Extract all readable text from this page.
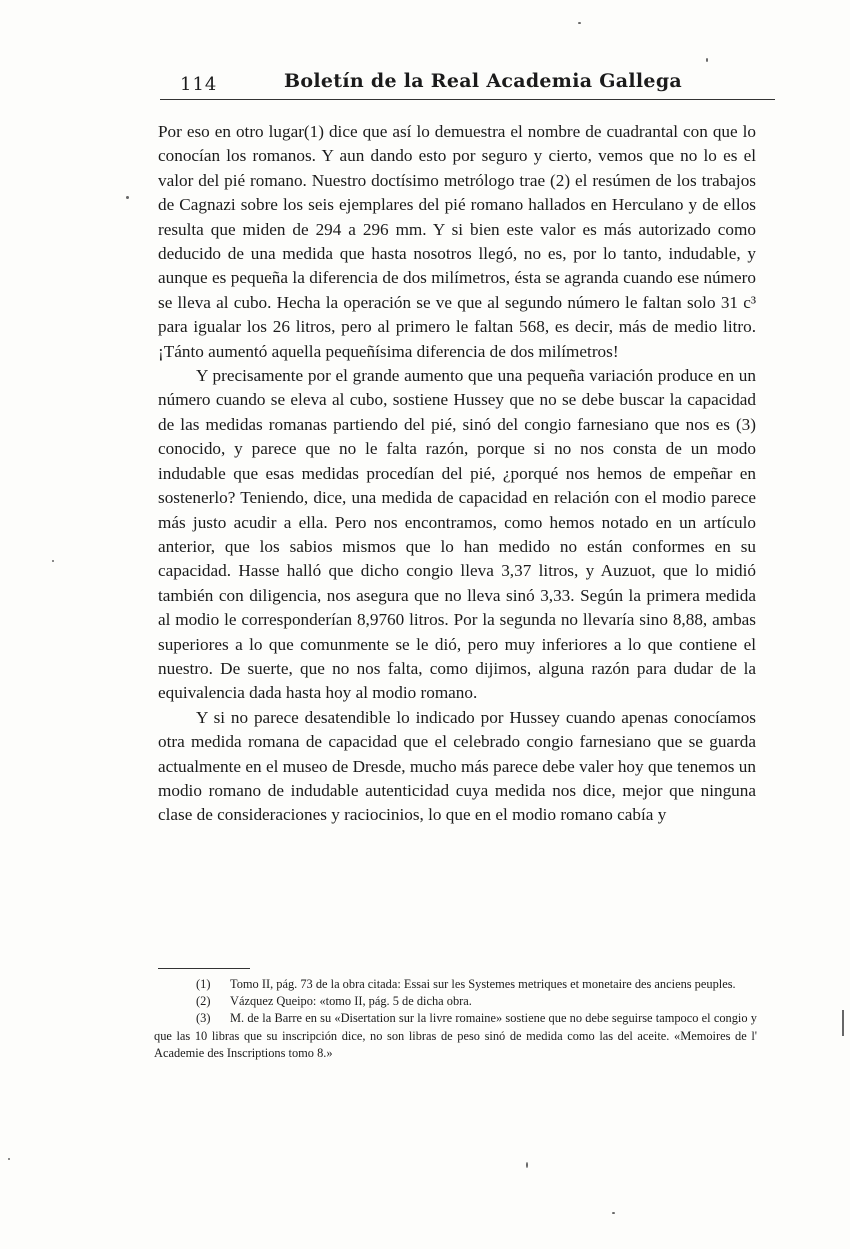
114	Boletín de la Real Academia Gallega

Por eso en otro lugar(1) dice que así lo demuestra el nombre de cuadrantal con que lo conocían los romanos. Y aun dando esto por seguro y cierto, vemos que no lo es el valor del pié romano. Nuestro doctísimo metrólogo trae (2) el resúmen de los trabajos de Cagnazi sobre los seis ejemplares del pié romano hallados en Herculano y de ellos resulta que miden de 294 a 296 mm. Y si bien este valor es más autorizado como deducido de una medida que hasta nosotros llegó, no es, por lo tanto, indudable, y aunque es pequeña la diferencia de dos milímetros, ésta se agranda cuando ese número se lleva al cubo. Hecha la operación se ve que al segundo número le faltan solo 31 c³ para igualar los 26 litros, pero al primero le faltan 568, es decir, más de medio litro. ¡Tánto aumentó aquella pequeñísima diferencia de dos milímetros!

Y precisamente por el grande aumento que una pequeña variación produce en un número cuando se eleva al cubo, sostiene Hussey que no se debe buscar la capacidad de las medidas romanas partiendo del pié, sinó del congio farnesiano que nos es (3) conocido, y parece que no le falta razón, porque si no nos consta de un modo indudable que esas medidas procedían del pié, ¿porqué nos hemos de empeñar en sostenerlo? Teniendo, dice, una medida de capacidad en relación con el modio parece más justo acudir a ella. Pero nos encontramos, como hemos notado en un artículo anterior, que los sabios mismos que lo han medido no están conformes en su capacidad. Hasse halló que dicho congio lleva 3,37 litros, y Auzuot, que lo midió también con diligencia, nos asegura que no lleva sinó 3,33. Según la primera medida al modio le corresponderían 8,9760 litros. Por la segunda no llevaría sino 8,88, ambas superiores a lo que comunmente se le dió, pero muy inferiores a lo que contiene el nuestro. De suerte, que no nos falta, como dijimos, alguna razón para dudar de la equivalencia dada hasta hoy al modio romano.

Y si no parece desatendible lo indicado por Hussey cuando apenas conocíamos otra medida romana de capacidad que el celebrado congio farnesiano que se guarda actualmente en el museo de Dresde, mucho más parece debe valer hoy que tenemos un modio romano de indudable autenticidad cuya medida nos dice, mejor que ninguna clase de consideraciones y raciocinios, lo que en el modio romano cabía y

(1) Tomo II, pág. 73 de la obra citada: Essai sur les Systemes metriques et monetaire des anciens peuples.

(2) Vázquez Queipo: «tomo II, pág. 5 de dicha obra.

(3) M. de la Barre en su «Disertation sur la livre romaine» sostiene que no debe seguirse tampoco el congio y que las 10 libras que su inscripción dice, no son libras de peso sinó de medida como las del aceite. «Memoires de l' Academie des Inscriptions tomo 8.»
